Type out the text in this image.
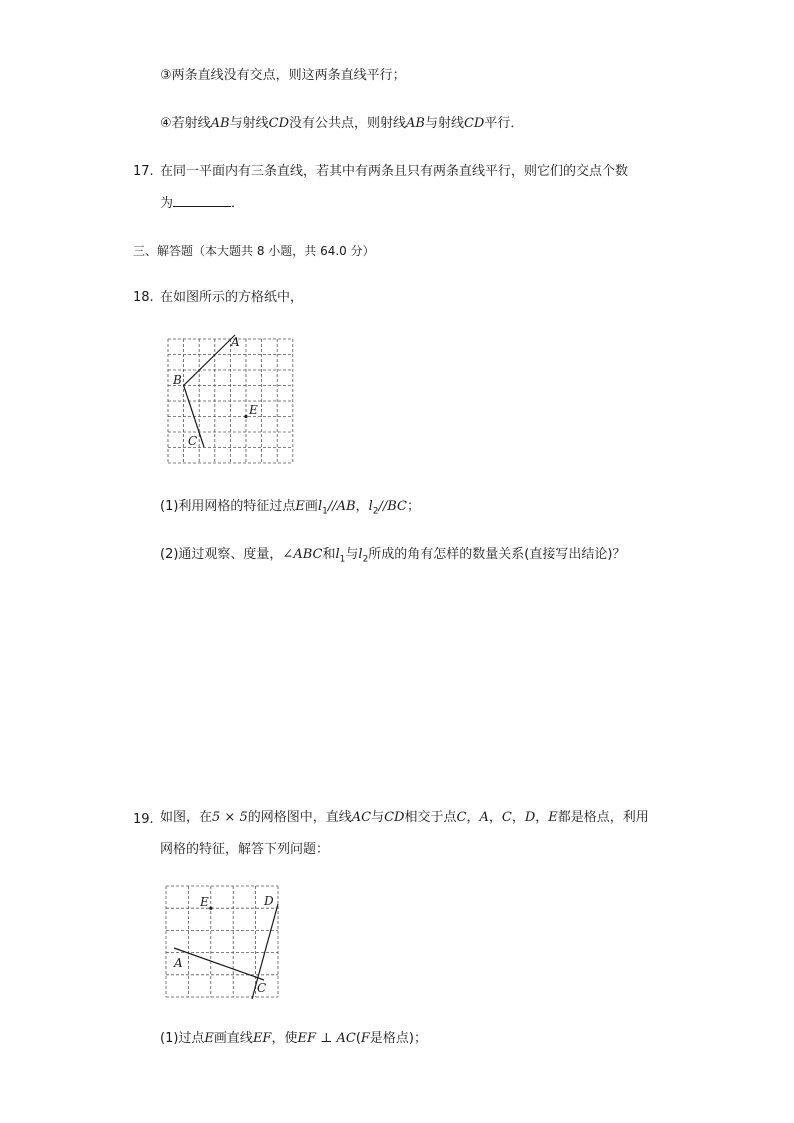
③两条直线没有交点，则这两条直线平行；
④若射线AB与射线CD没有公共点，则射线AB与射线CD平行．
17. 在同一平面内有三条直线，若其中有两条且只有两条直线平行，则它们的交点个数
为	．
三、解答题（本大题共 8 小题，共 64.0 分）
18. 在如图所示的方格纸中，
A
B
E
C
(1)利用网格的特征过点E画$l_1//AB$，$l_2//BC$；
(2)通过观察、度量，∠ABC和$l_1$与$l_2$所成的角有怎样的数量关系(直接写出结论)？
19. 如图，在5 × 5的网格图中，直线AC与CD相交于点C，A，C，D，E都是格点，利用
网格的特征，解答下列问题：
E	D
A
C
(1)过点E画直线EF，使EF ⊥ AC(F是格点)；
